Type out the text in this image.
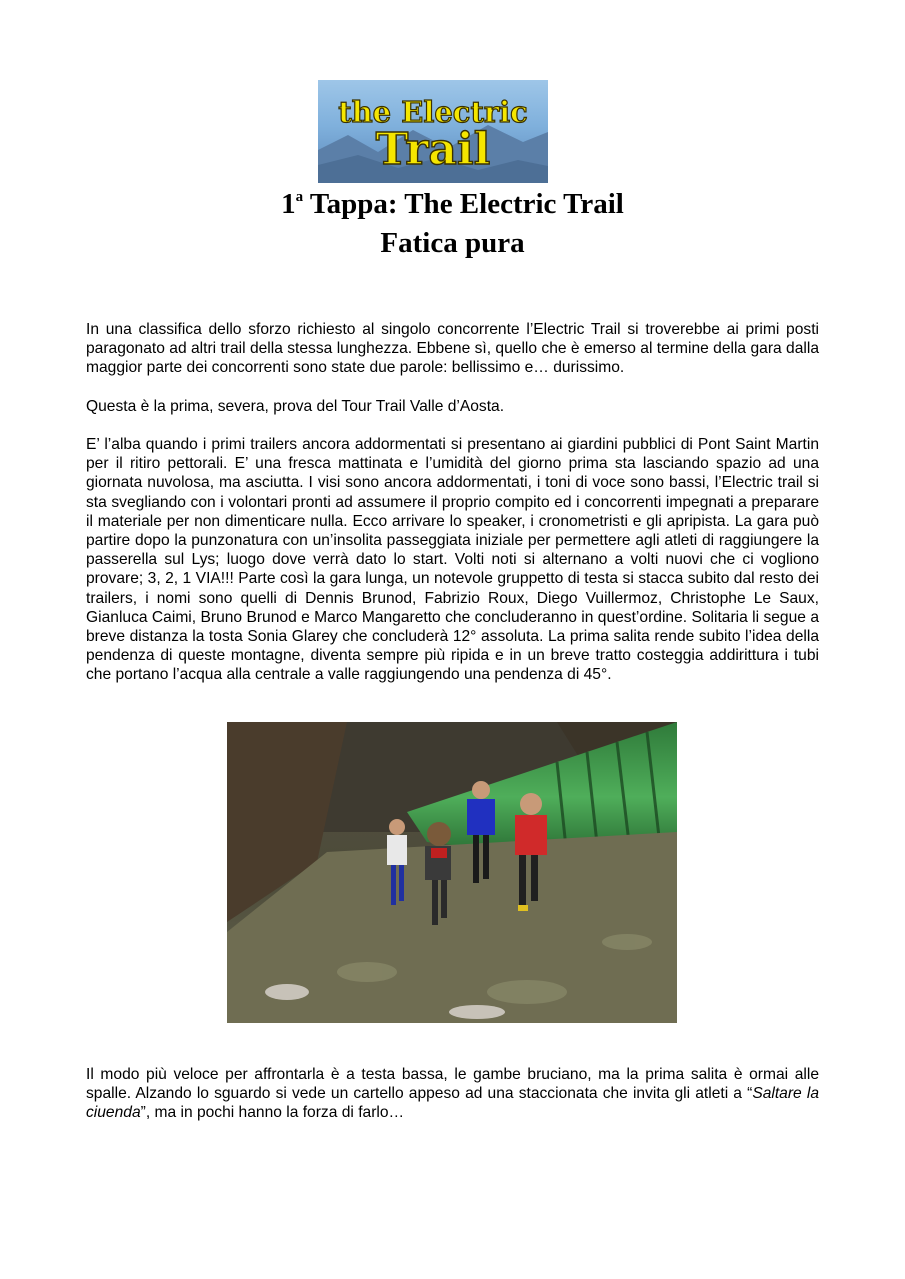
the Electric
Trail
1$^a$ Tappa: The Electric Trail
Fatica pura

In una classifica dello sforzo richiesto al singolo concorrente l’Electric Trail si troverebbe ai primi posti paragonato ad altri trail della stessa lunghezza. Ebbene sì, quello che è emerso al termine della gara dalla maggior parte dei concorrenti sono state due parole: bellissimo e… durissimo.

Questa è la prima, severa, prova del Tour Trail Valle d’Aosta.

E’ l’alba quando i primi trailers ancora addormentati si presentano ai giardini pubblici di Pont Saint Martin per il ritiro pettorali. E’ una fresca mattinata e l’umidità del giorno prima sta lasciando spazio ad una giornata nuvolosa, ma asciutta. I visi sono ancora addormentati, i toni di voce sono bassi, l’Electric trail si sta svegliando con i volontari pronti ad assumere il proprio compito ed i concorrenti impegnati a preparare il materiale per non dimenticare nulla. Ecco arrivare lo speaker, i cronometristi e gli apripista. La gara può partire dopo la punzonatura con un’insolita passeggiata iniziale per permettere agli atleti di raggiungere la passerella sul Lys; luogo dove verrà dato lo start. Volti noti si alternano a volti nuovi che ci vogliono provare; 3, 2, 1 VIA!!! Parte così la gara lunga, un notevole gruppetto di testa si stacca subito dal resto dei trailers, i nomi sono quelli di Dennis Brunod, Fabrizio Roux, Diego Vuillermoz, Christophe Le Saux, Gianluca Caimi, Bruno Brunod e Marco Mangaretto che concluderanno in quest’ordine. Solitaria li segue a breve distanza la tosta Sonia Glarey che concluderà 12° assoluta. La prima salita rende subito l’idea della pendenza di queste montagne, diventa sempre più ripida e in un breve tratto costeggia addirittura i tubi che portano l’acqua alla centrale a valle raggiungendo una pendenza di 45°.

Il modo più veloce per affrontarla è a testa bassa, le gambe bruciano, ma la prima salita è ormai alle spalle. Alzando lo sguardo si vede un cartello appeso ad una staccionata che invita gli atleti a “Saltare la ciuenda”, ma in pochi hanno la forza di farlo…
